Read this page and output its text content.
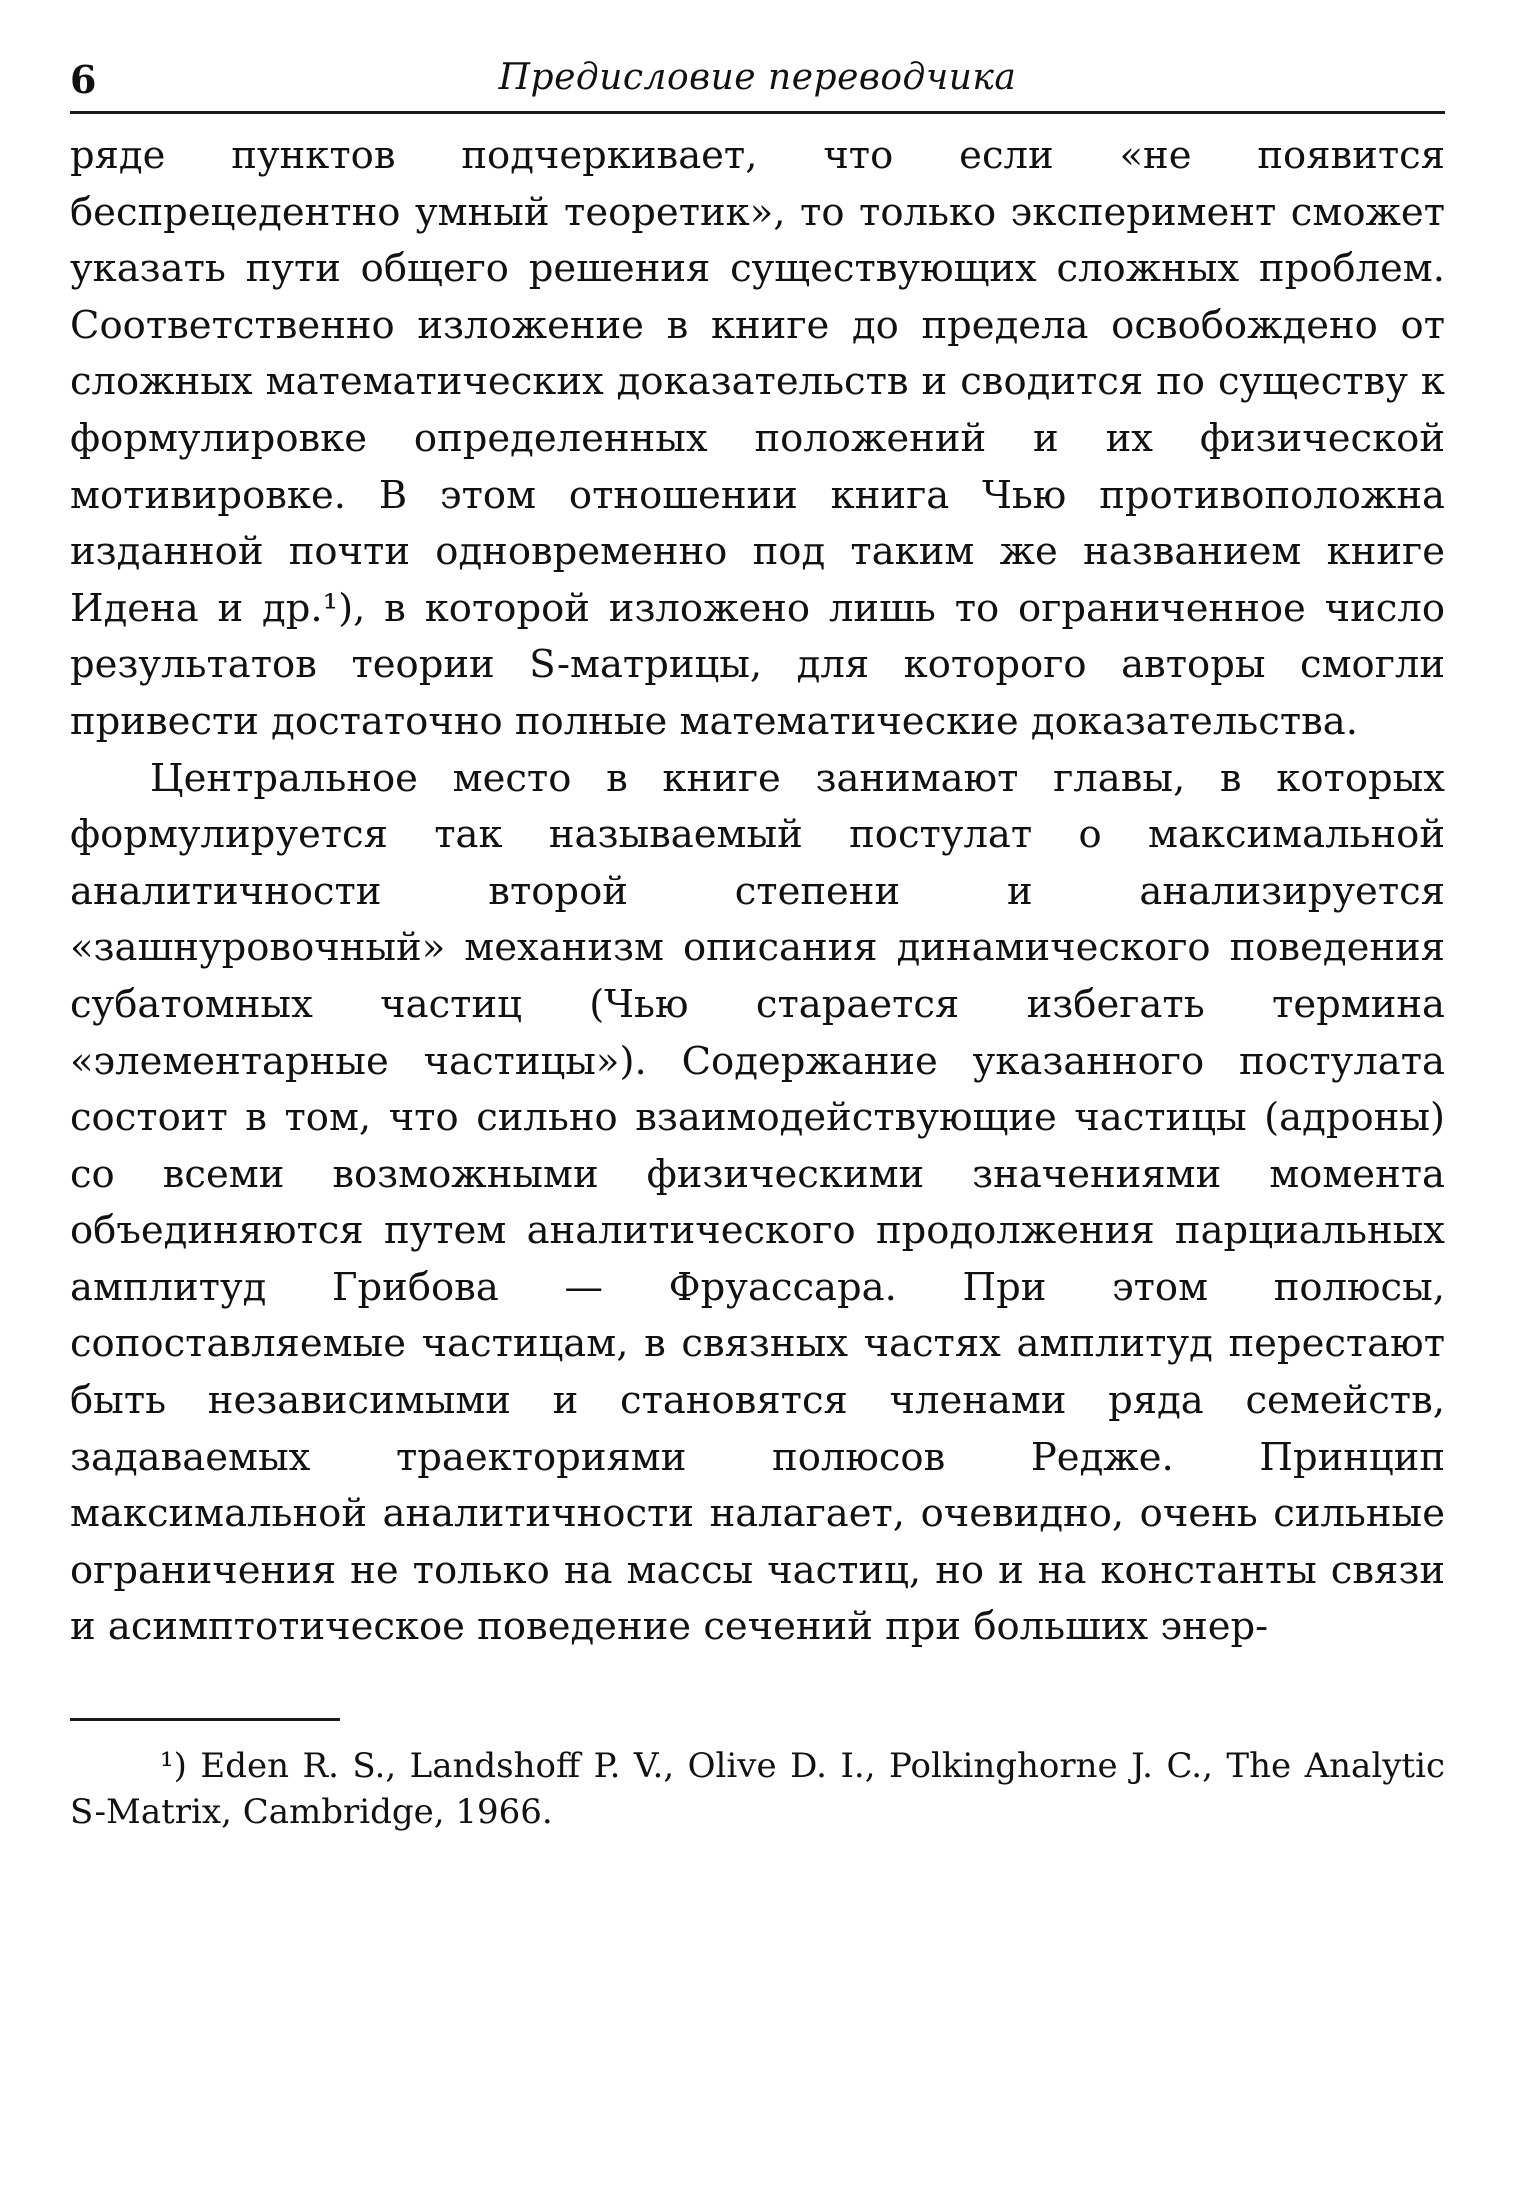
6	Предисловие переводчика

ряде пунктов подчеркивает, что если «не появится беспрецедентно умный теоретик», то только эксперимент сможет указать пути общего решения существующих сложных проблем. Соответственно изложение в книге до предела освобождено от сложных математических доказательств и сводится по существу к формулировке определенных положений и их физической мотивировке. В этом отношении книга Чью противоположна изданной почти одновременно под таким же названием книге Идена и др.¹), в которой изложено лишь то ограниченное число результатов теории S-матрицы, для которого авторы смогли привести достаточно полные математические доказательства.

Центральное место в книге занимают главы, в которых формулируется так называемый постулат о максимальной аналитичности второй степени и анализируется «зашнуровочный» механизм описания динамического поведения субатомных частиц (Чью старается избегать термина «элементарные частицы»). Содержание указанного постулата состоит в том, что сильно взаимодействующие частицы (адроны) со всеми возможными физическими значениями момента объединяются путем аналитического продолжения парциальных амплитуд Грибова — Фруассара. При этом полюсы, сопоставляемые частицам, в связных частях амплитуд перестают быть независимыми и становятся членами ряда семейств, задаваемых траекториями полюсов Редже. Принцип максимальной аналитичности налагает, очевидно, очень сильные ограничения не только на массы частиц, но и на константы связи и асимптотическое поведение сечений при больших энер-

¹) Eden R. S., Landshoff P. V., Olive D. I., Polkinghorne J. C., The Analytic S-Matrix, Cambridge, 1966.
